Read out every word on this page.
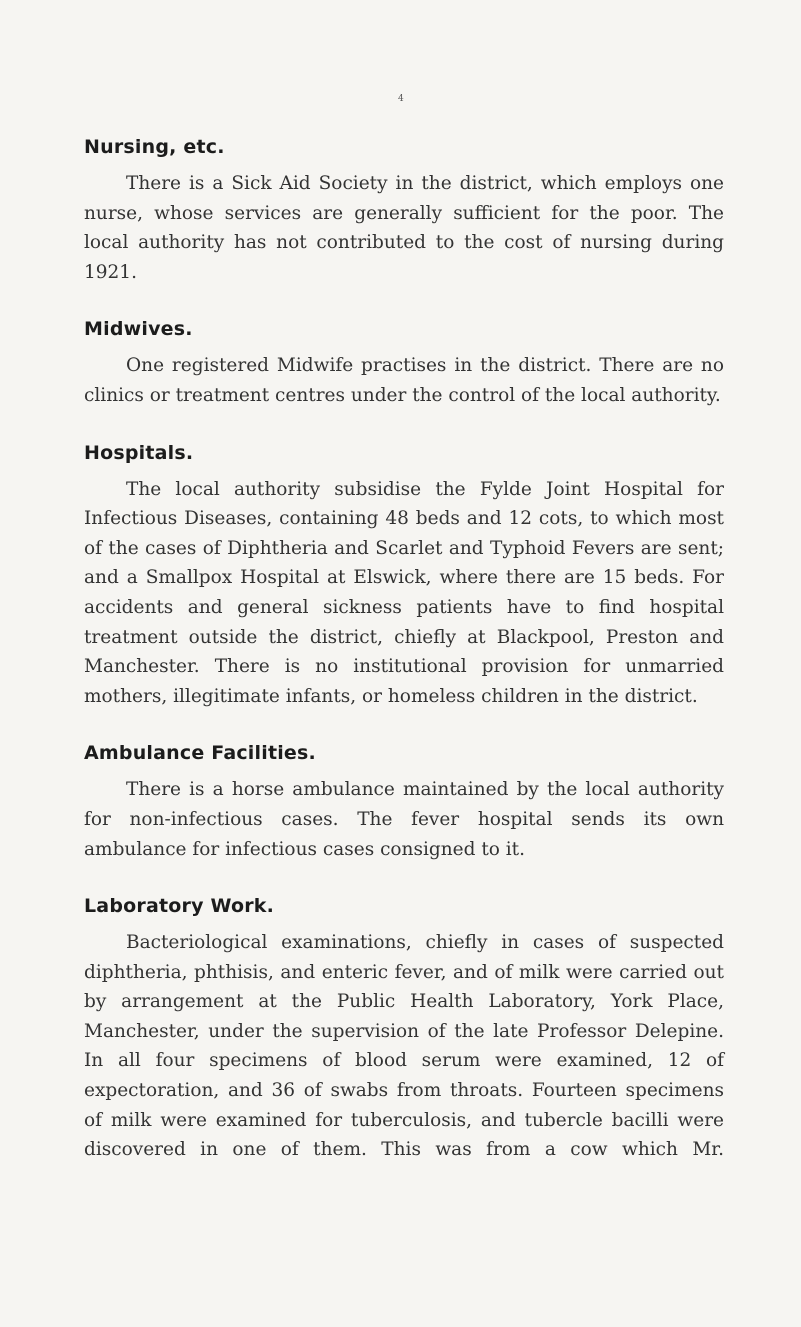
4
Nursing, etc.

There is a Sick Aid Society in the district, which employs one nurse, whose services are generally sufficient for the poor. The local authority has not contributed to the cost of nursing during 1921.

Midwives.

One registered Midwife practises in the district. There are no clinics or treatment centres under the control of the local authority.

Hospitals.

The local authority subsidise the Fylde Joint Hospital for Infectious Diseases, containing 48 beds and 12 cots, to which most of the cases of Diphtheria and Scarlet and Typhoid Fevers are sent; and a Smallpox Hospital at Elswick, where there are 15 beds. For accidents and general sickness patients have to find hospital treatment outside the district, chiefly at Blackpool, Preston and Manchester. There is no institutional provision for unmarried mothers, illegitimate infants, or homeless children in the district.

Ambulance Facilities.

There is a horse ambulance maintained by the local authority for non-infectious cases. The fever hospital sends its own ambulance for infectious cases consigned to it.

Laboratory Work.

Bacteriological examinations, chiefly in cases of suspected diphtheria, phthisis, and enteric fever, and of milk were carried out by arrangement at the Public Health Laboratory, York Place, Manchester, under the supervision of the late Professor Delepine. In all four specimens of blood serum were examined, 12 of expectoration, and 36 of swabs from throats. Fourteen specimens of milk were examined for tuberculosis, and tubercle bacilli were discovered in one of them. This was from a cow which Mr.
